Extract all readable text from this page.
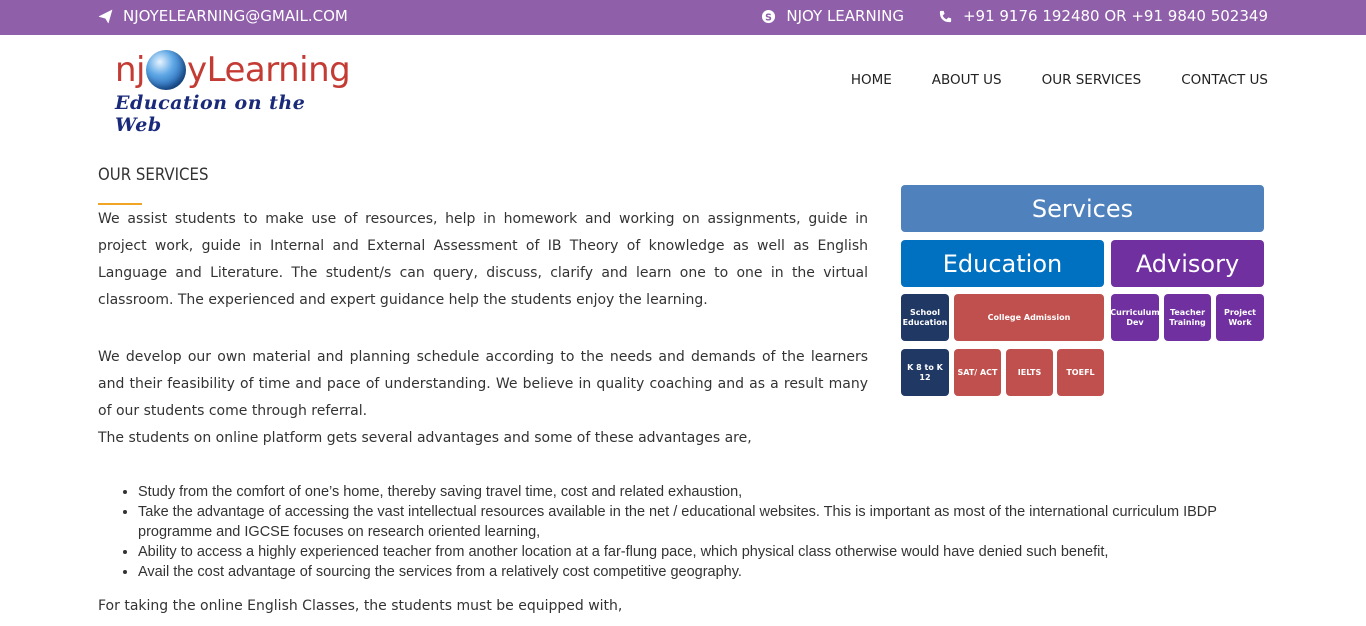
NJOYELEARNING@GMAIL.COM	S NJOY LEARNING	+91 9176 192480 OR +91 9840 502349
nj yLearning
Education on the Web
HOME	ABOUT US	OUR SERVICES	CONTACT US
OUR SERVICES
We assist students to make use of resources, help in homework and working on assignments, guide in project work, guide in Internal and External Assessment of IB Theory of knowledge as well as English Language and Literature. The student/s can query, discuss, clarify and learn one to one in the virtual classroom. The experienced and expert guidance help the students enjoy the learning.
We develop our own material and planning schedule according to the needs and demands of the learners and their feasibility of time and pace of understanding. We believe in quality coaching and as a result many of our students come through referral.
The students on online platform gets several advantages and some of these advantages are,
• Study from the comfort of one’s home, thereby saving travel time, cost and related exhaustion,
• Take the advantage of accessing the vast intellectual resources available in the net / educational websites. This is important as most of the international curriculum IBDP programme and IGCSE focuses on research oriented learning,
• Ability to access a highly experienced teacher from another location at a far-flung pace, which physical class otherwise would have denied such benefit,
• Avail the cost advantage of sourcing the services from a relatively cost competitive geography.
For taking the online English Classes, the students must be equipped with,
Services
Education	Advisory
School Education
College Admission
Curriculum Dev
Teacher Training
Project Work
K 8 to K 12
SAT/ ACT	IELTS	TOEFL
